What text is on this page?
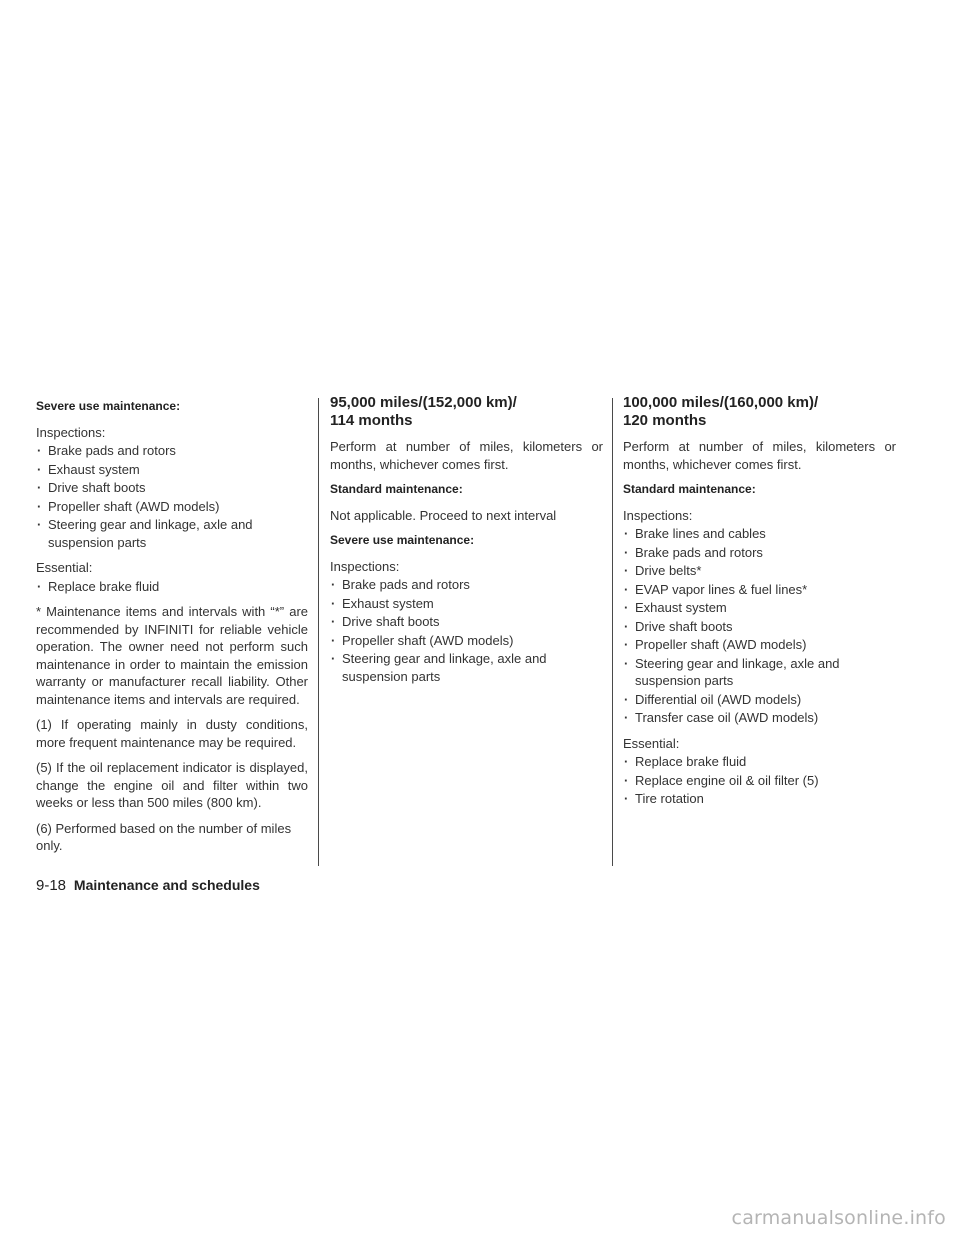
Severe use maintenance:

Inspections:

· Brake pads and rotors
· Exhaust system
· Drive shaft boots
· Propeller shaft (AWD models)
· Steering gear and linkage, axle and suspension parts

Essential:

· Replace brake fluid

* Maintenance items and intervals with “*” are recommended by INFINITI for reliable vehicle operation. The owner need not perform such maintenance in order to maintain the emission warranty or manufacturer recall liability. Other maintenance items and intervals are required.

(1) If operating mainly in dusty conditions, more frequent maintenance may be required.

(5) If the oil replacement indicator is displayed, change the engine oil and filter within two weeks or less than 500 miles (800 km).

(6) Performed based on the number of miles only.

95,000 miles/(152,000 km)/
114 months

Perform at number of miles, kilometers or months, whichever comes first.

Standard maintenance:

Not applicable. Proceed to next interval

Severe use maintenance:

Inspections:

· Brake pads and rotors
· Exhaust system
· Drive shaft boots
· Propeller shaft (AWD models)
· Steering gear and linkage, axle and suspension parts
100,000 miles/(160,000 km)/
120 months

Perform at number of miles, kilometers or months, whichever comes first.

Standard maintenance:

Inspections:

· Brake lines and cables
· Brake pads and rotors
· Drive belts*
· EVAP vapor lines & fuel lines*
· Exhaust system
· Drive shaft boots
· Propeller shaft (AWD models)
· Steering gear and linkage, axle and suspension parts
· Differential oil (AWD models)
· Transfer case oil (AWD models)

Essential:

· Replace brake fluid
· Replace engine oil & oil filter (5)
· Tire rotation
9-18 Maintenance and schedules
carmanualsonline.info
